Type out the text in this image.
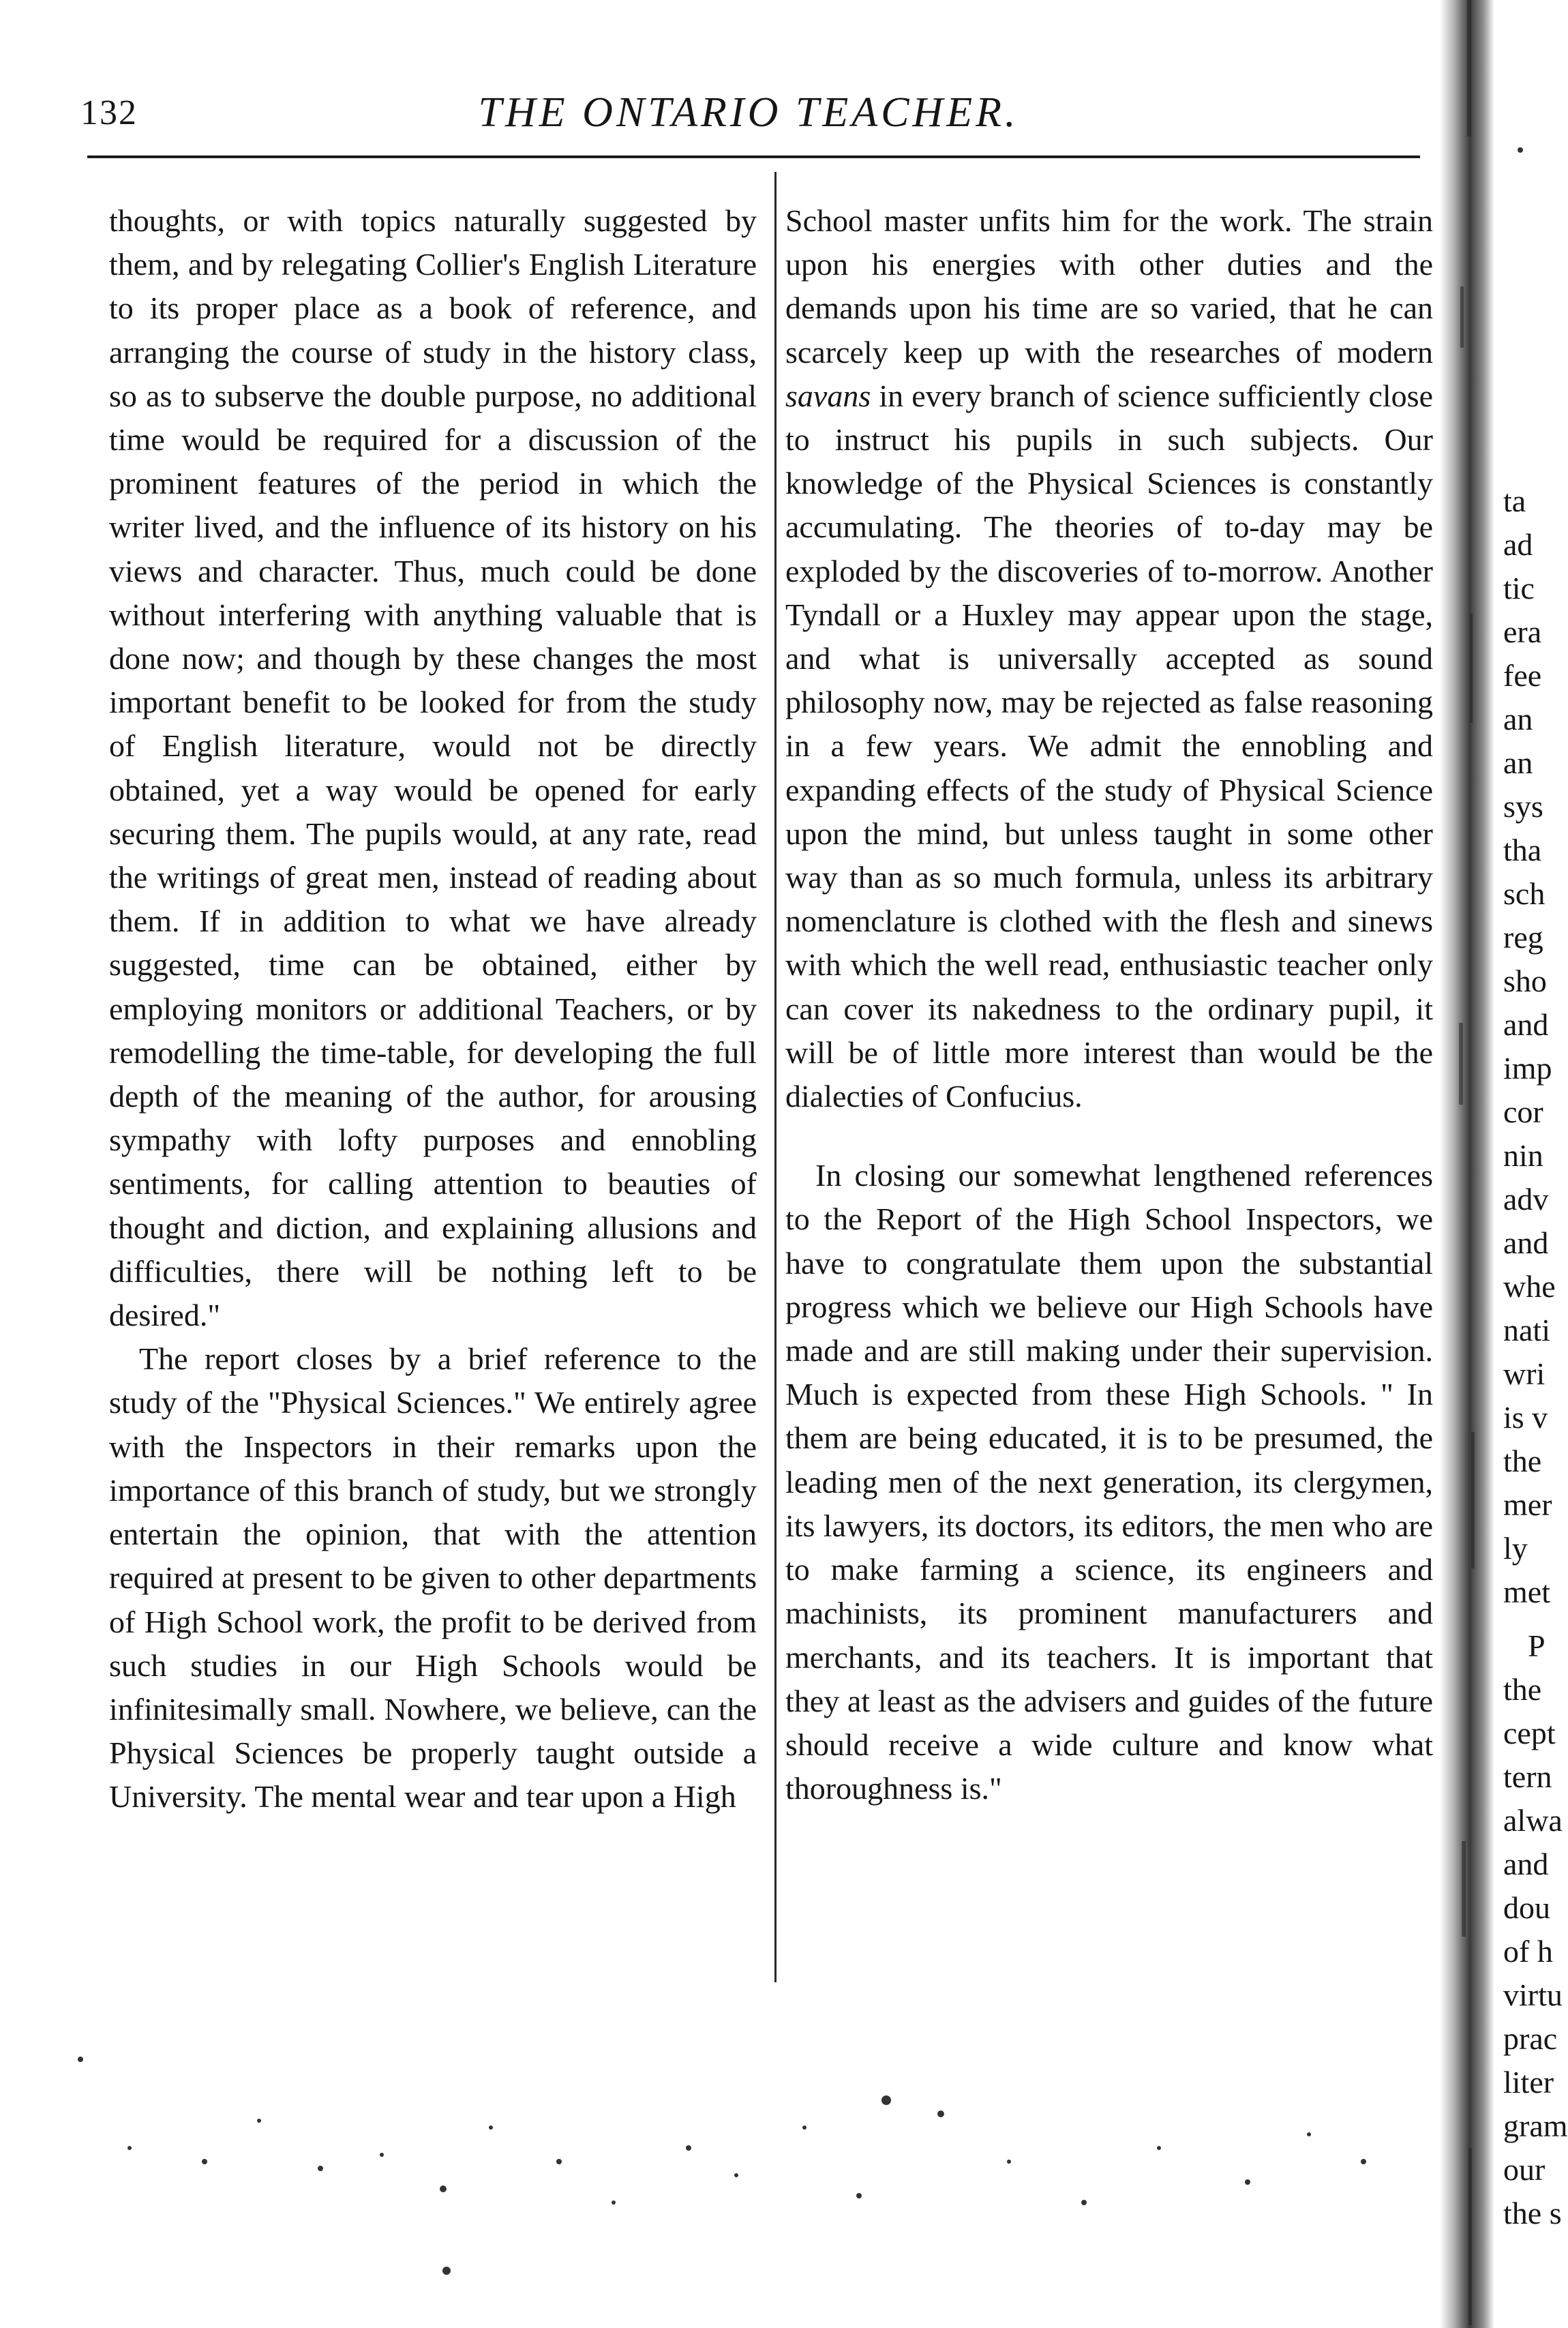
132	THE ONTARIO TEACHER.

thoughts, or with topics naturally suggested by them, and by relegating Collier's English Literature to its proper place as a book of reference, and arranging the course of study in the history class, so as to subserve the double purpose, no additional time would be required for a discussion of the prominent features of the period in which the writer lived, and the influence of its history on his views and character. Thus, much could be done without interfering with anything valuable that is done now; and though by these changes the most important benefit to be looked for from the study of English literature, would not be directly obtained, yet a way would be opened for early securing them. The pupils would, at any rate, read the writings of great men, instead of reading about them. If in addition to what we have already suggested, time can be obtained, either by employing monitors or additional Teachers, or by remodelling the time-table, for developing the full depth of the meaning of the author, for arousing sympathy with lofty purposes and ennobling sentiments, for calling attention to beauties of thought and diction, and explaining allusions and difficulties, there will be nothing left to be desired."

The report closes by a brief reference to the study of the "Physical Sciences." We entirely agree with the Inspectors in their remarks upon the importance of this branch of study, but we strongly entertain the opinion, that with the attention required at present to be given to other departments of High School work, the profit to be derived from such studies in our High Schools would be infinitesimally small. Nowhere, we believe, can the Physical Sciences be properly taught outside a University. The mental wear and tear upon a High

School master unfits him for the work. The strain upon his energies with other duties and the demands upon his time are so varied, that he can scarcely keep up with the researches of modern savans in every branch of science sufficiently close to instruct his pupils in such subjects. Our knowledge of the Physical Sciences is constantly accumulating. The theories of to-day may be exploded by the discoveries of to-morrow. Another Tyndall or a Huxley may appear upon the stage, and what is universally accepted as sound philosophy now, may be rejected as false reasoning in a few years. We admit the ennobling and expanding effects of the study of Physical Science upon the mind, but unless taught in some other way than as so much formula, unless its arbitrary nomenclature is clothed with the flesh and sinews with which the well read, enthusiastic teacher only can cover its nakedness to the ordinary pupil, it will be of little more interest than would be the dialecties of Confucius.

In closing our somewhat lengthened references to the Report of the High School Inspectors, we have to congratulate them upon the substantial progress which we believe our High Schools have made and are still making under their supervision. Much is expected from these High Schools. " In them are being educated, it is to be presumed, the leading men of the next generation, its clergymen, its lawyers, its doctors, its editors, the men who are to make farming a science, its engineers and machinists, its prominent manufacturers and merchants, and its teachers. It is important that they at least as the advisers and guides of the future should receive a wide culture and know what thoroughness is."

ta
ad
tic
era
fee
an
an
sys
tha
sch
reg
sho
and
imp
cor
nin
adv
and
whe
nati
wri
is v
the
mer
ly
met
P
the
cept
tern
alwa
and
dou
of h
virtu
prac
liter
gram
our
the s
